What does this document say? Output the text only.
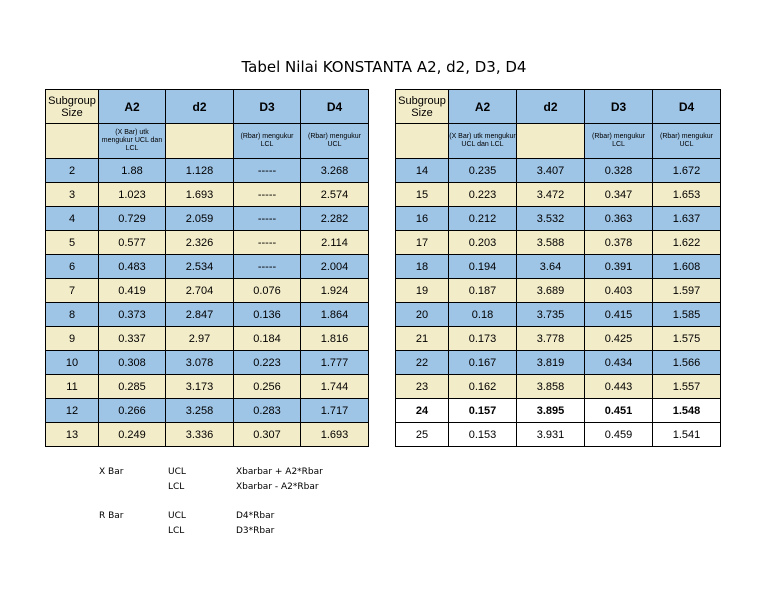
Tabel Nilai KONSTANTA A2, d2, D3, D4
Subgroup Size	A2	d2	D3	D4
	(X Bar) utk mengukur UCL dan LCL		(Rbar) mengukur LCL	(Rbar) mengukur UCL
2	1.88	1.128	-----	3.268
3	1.023	1.693	-----	2.574
4	0.729	2.059	-----	2.282
5	0.577	2.326	-----	2.114
6	0.483	2.534	-----	2.004
7	0.419	2.704	0.076	1.924
8	0.373	2.847	0.136	1.864
9	0.337	2.97	0.184	1.816
10	0.308	3.078	0.223	1.777
11	0.285	3.173	0.256	1.744
12	0.266	3.258	0.283	1.717
13	0.249	3.336	0.307	1.693
Subgroup Size	A2	d2	D3	D4
	(X Bar) utk mengukur UCL dan LCL		(Rbar) mengukur LCL	(Rbar) mengukur UCL
14	0.235	3.407	0.328	1.672
15	0.223	3.472	0.347	1.653
16	0.212	3.532	0.363	1.637
17	0.203	3.588	0.378	1.622
18	0.194	3.64	0.391	1.608
19	0.187	3.689	0.403	1.597
20	0.18	3.735	0.415	1.585
21	0.173	3.778	0.425	1.575
22	0.167	3.819	0.434	1.566
23	0.162	3.858	0.443	1.557
24	0.157	3.895	0.451	1.548
25	0.153	3.931	0.459	1.541
X Bar	UCL	Xbarbar + A2*Rbar
LCL	Xbarbar - A2*Rbar
R Bar	UCL	D4*Rbar
LCL	D3*Rbar
